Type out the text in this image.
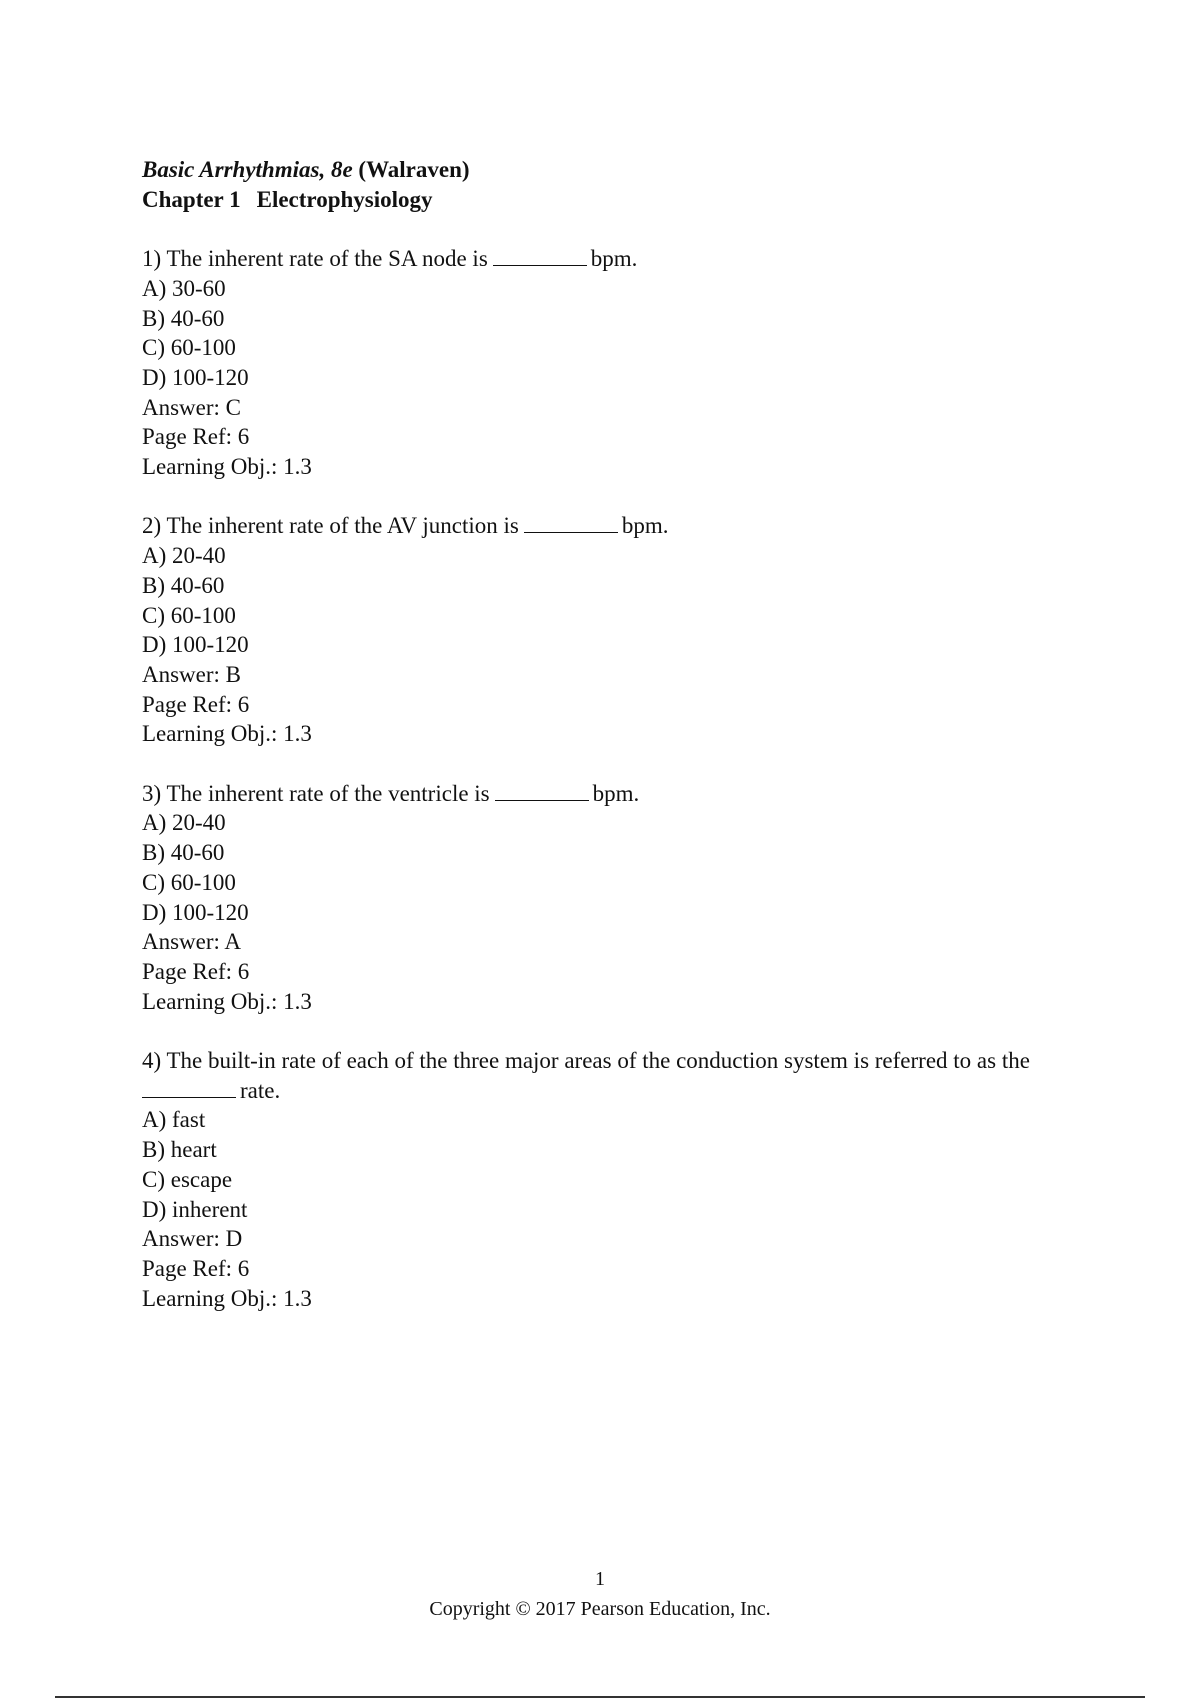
Basic Arrhythmias, 8e (Walraven)
Chapter 1 Electrophysiology
1) The inherent rate of the SA node is	bpm.
A) 30-60
B) 40-60
C) 60-100
D) 100-120
Answer: C
Page Ref: 6
Learning Obj.: 1.3
2) The inherent rate of the AV junction is	bpm.
A) 20-40
B) 40-60
C) 60-100
D) 100-120
Answer: B
Page Ref: 6
Learning Obj.: 1.3
3) The inherent rate of the ventricle is	bpm.
A) 20-40
B) 40-60
C) 60-100
D) 100-120
Answer: A
Page Ref: 6
Learning Obj.: 1.3
4) The built-in rate of each of the three major areas of the conduction system is referred to as the
rate.
A) fast
B) heart
C) escape
D) inherent
Answer: D
Page Ref: 6
Learning Obj.: 1.3
1
Copyright © 2017 Pearson Education, Inc.
